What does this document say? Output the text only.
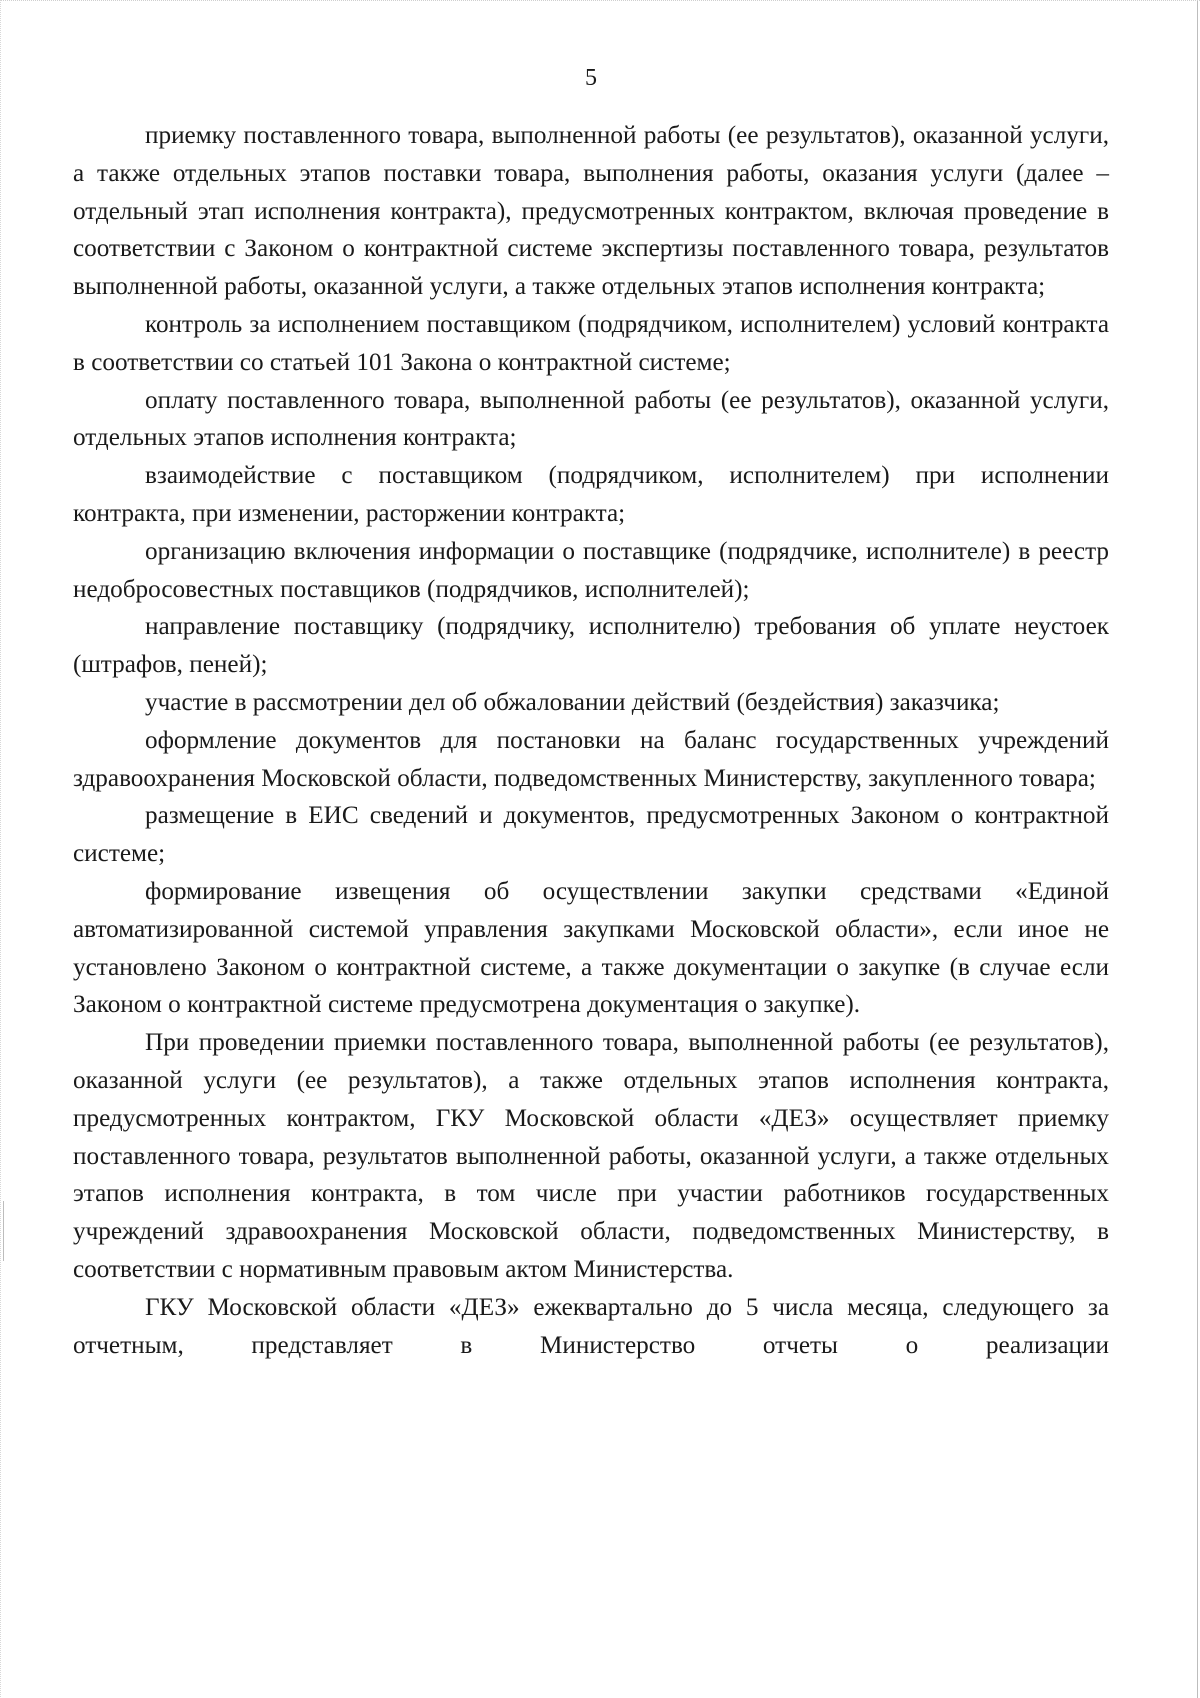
5

приемку поставленного товара, выполненной работы (ее результатов), оказанной услуги, а также отдельных этапов поставки товара, выполнения работы, оказания услуги (далее – отдельный этап исполнения контракта), предусмотренных контрактом, включая проведение в соответствии с Законом о контрактной системе экспертизы поставленного товара, результатов выполненной работы, оказанной услуги, а также отдельных этапов исполнения контракта;

контроль за исполнением поставщиком (подрядчиком, исполнителем) условий контракта в соответствии со статьей 101 Закона о контрактной системе;

оплату поставленного товара, выполненной работы (ее результатов), оказанной услуги, отдельных этапов исполнения контракта;

взаимодействие с поставщиком (подрядчиком, исполнителем) при исполнении контракта, при изменении, расторжении контракта;

организацию включения информации о поставщике (подрядчике, исполнителе) в реестр недобросовестных поставщиков (подрядчиков, исполнителей);

направление поставщику (подрядчику, исполнителю) требования об уплате неустоек (штрафов, пеней);

участие в рассмотрении дел об обжаловании действий (бездействия) заказчика;

оформление документов для постановки на баланс государственных учреждений здравоохранения Московской области, подведомственных Министерству, закупленного товара;

размещение в ЕИС сведений и документов, предусмотренных Законом о контрактной системе;

формирование извещения об осуществлении закупки средствами «Единой автоматизированной системой управления закупками Московской области», если иное не установлено Законом о контрактной системе, а также документации о закупке (в случае если Законом о контрактной системе предусмотрена документация о закупке).

При проведении приемки поставленного товара, выполненной работы (ее результатов), оказанной услуги (ее результатов), а также отдельных этапов исполнения контракта, предусмотренных контрактом, ГКУ Московской области «ДЕЗ» осуществляет приемку поставленного товара, результатов выполненной работы, оказанной услуги, а также отдельных этапов исполнения контракта, в том числе при участии работников государственных учреждений здравоохранения Московской области, подведомственных Министерству, в соответствии с нормативным правовым актом Министерства.

ГКУ Московской области «ДЕЗ» ежеквартально до 5 числа месяца, следующего за отчетным, представляет в Министерство отчеты о реализации
